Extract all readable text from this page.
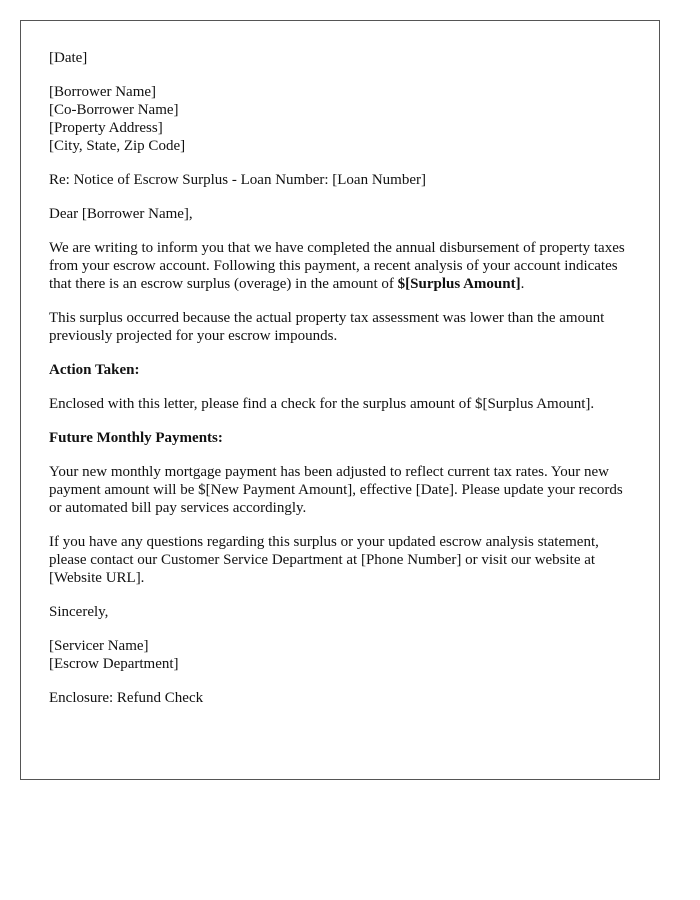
[Date]
[Borrower Name]
[Co-Borrower Name]
[Property Address]
[City, State, Zip Code]
Re: Notice of Escrow Surplus - Loan Number: [Loan Number]
Dear [Borrower Name],

We are writing to inform you that we have completed the annual disbursement of property taxes from your escrow account. Following this payment, a recent analysis of your account indicates that there is an escrow surplus (overage) in the amount of $[Surplus Amount].

This surplus occurred because the actual property tax assessment was lower than the amount previously projected for your escrow impounds.

Action Taken:

Enclosed with this letter, please find a check for the surplus amount of $[Surplus Amount].

Future Monthly Payments:

Your new monthly mortgage payment has been adjusted to reflect current tax rates. Your new payment amount will be $[New Payment Amount], effective [Date]. Please update your records or automated bill pay services accordingly.

If you have any questions regarding this surplus or your updated escrow analysis statement, please contact our Customer Service Department at [Phone Number] or visit our website at [Website URL].

Sincerely,
[Servicer Name]
[Escrow Department]
Enclosure: Refund Check
